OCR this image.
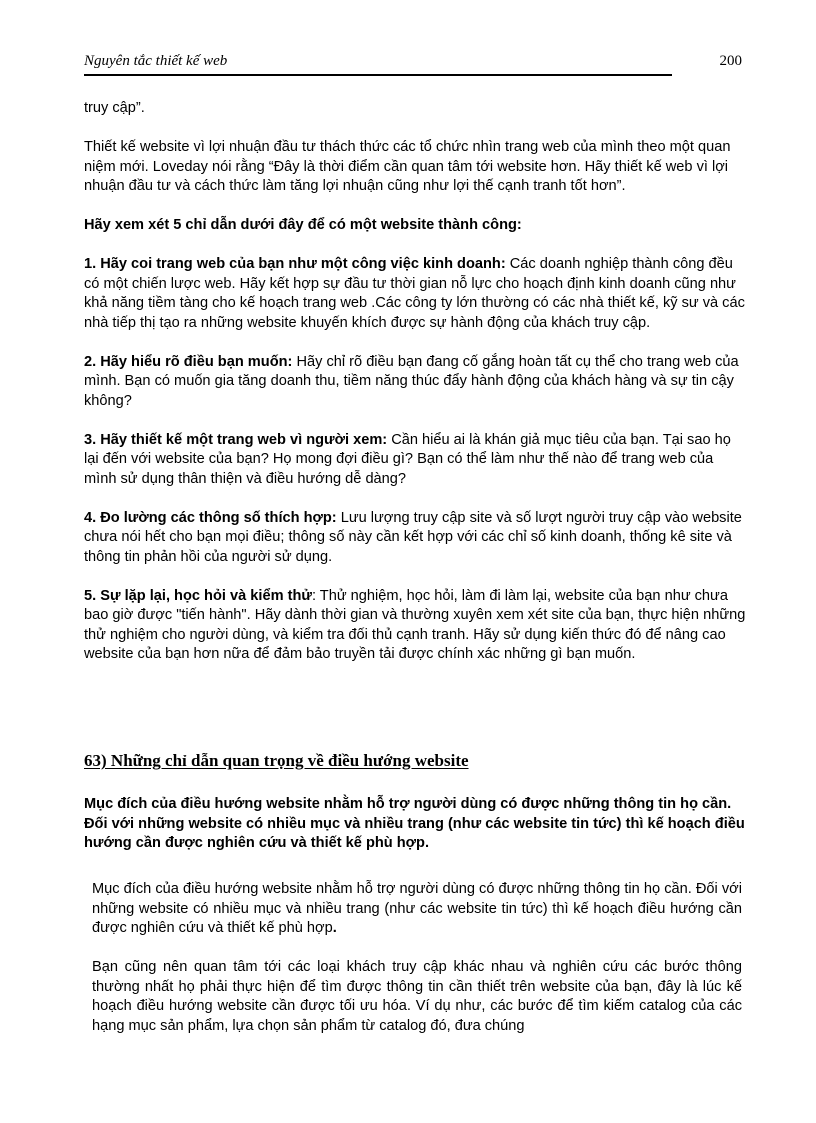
Nguyên tắc thiết kế web	200

truy cập”.

Thiết kế website vì lợi nhuận đầu tư thách thức các tổ chức nhìn trang web của mình theo một quan niệm mới. Loveday nói rằng “Đây là thời điểm cần quan tâm tới website hơn. Hãy thiết kế web vì lợi nhuận đầu tư và cách thức làm tăng lợi nhuận cũng như lợi thế cạnh tranh tốt hơn”.

Hãy xem xét 5 chỉ dẫn dưới đây để có một website thành công:

1. Hãy coi trang web của bạn như một công việc kinh doanh: Các doanh nghiệp thành công đều có một chiến lược web. Hãy kết hợp sự đầu tư thời gian nỗ lực cho hoạch định kinh doanh cũng như khả năng tiềm tàng cho kế hoạch trang web .Các công ty lớn thường có các nhà thiết kế, kỹ sư và các nhà tiếp thị tạo ra những website khuyến khích được sự hành động của khách truy cập.

2. Hãy hiểu rõ điều bạn muốn: Hãy chỉ rõ điều bạn đang cố gắng hoàn tất cụ thể cho trang web của mình. Bạn có muốn gia tăng doanh thu, tiềm năng thúc đẩy hành động của khách hàng và sự tin cậy không?

3. Hãy thiết kế một trang web vì người xem: Cần hiểu ai là khán giả mục tiêu của bạn. Tại sao họ lại đến với website của bạn? Họ mong đợi điều gì? Bạn có thể làm như thế nào để trang web của mình sử dụng thân thiện và điều hướng dễ dàng?

4. Đo lường các thông số thích hợp: Lưu lượng truy cập site và số lượt người truy cập vào website chưa nói hết cho bạn mọi điều; thông số này cần kết hợp với các chỉ số kinh doanh, thống kê site và thông tin phản hồi của người sử dụng.

5. Sự lặp lại, học hỏi và kiểm thử: Thử nghiệm, học hỏi, làm đi làm lại, website của bạn như chưa bao giờ được "tiến hành". Hãy dành thời gian và thường xuyên xem xét site của bạn, thực hiện những thử nghiệm cho người dùng, và kiểm tra đối thủ cạnh tranh. Hãy sử dụng kiến thức đó để nâng cao website của bạn hơn nữa để đảm bảo truyền tải được chính xác những gì bạn muốn.

63) Những chỉ dẫn quan trọng về điều hướng website

Mục đích của điều hướng website nhằm hỗ trợ người dùng có được những thông tin họ cần. Đối với những website có nhiều mục và nhiều trang (như các website tin tức) thì kế hoạch điều hướng cần được nghiên cứu và thiết kế phù hợp.

Mục đích của điều hướng website nhằm hỗ trợ người dùng có được những thông tin họ cần. Đối với những website có nhiều mục và nhiều trang (như các website tin tức) thì kế hoạch điều hướng cần được nghiên cứu và thiết kế phù hợp.

Bạn cũng nên quan tâm tới các loại khách truy cập khác nhau và nghiên cứu các bước thông thường nhất họ phải thực hiện để tìm được thông tin cần thiết trên website của bạn, đây là lúc kế hoạch điều hướng website cần được tối ưu hóa. Ví dụ như, các bước để tìm kiếm catalog của các hạng mục sản phẩm, lựa chọn sản phẩm từ catalog đó, đưa chúng
